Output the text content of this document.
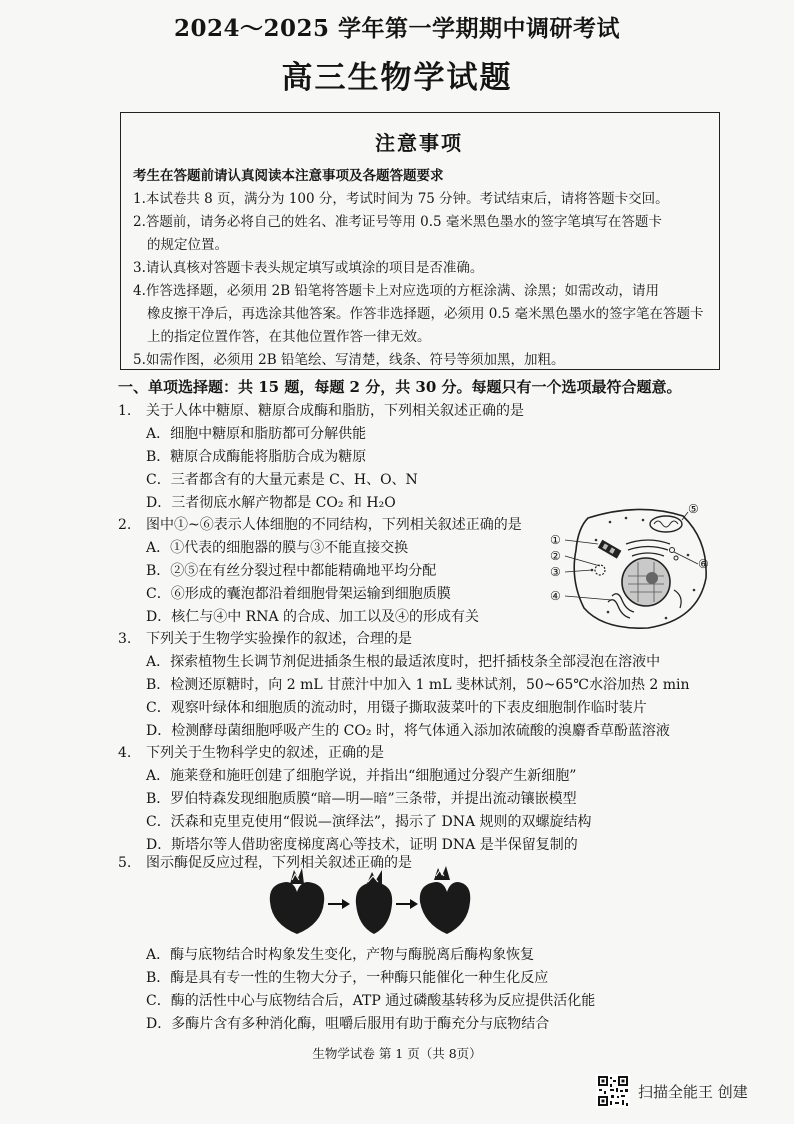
2024～2025 学年第一学期期中调研考试
高三生物学试题
注意事项
考生在答题前请认真阅读本注意事项及各题答题要求
1.本试卷共 8 页，满分为 100 分，考试时间为 75 分钟。考试结束后，请将答题卡交回。
2.答题前，请务必将自己的姓名、准考证号等用 0.5 毫米黑色墨水的签字笔填写在答题卡
的规定位置。
3.请认真核对答题卡表头规定填写或填涂的项目是否准确。
4.作答选择题，必须用 2B 铅笔将答题卡上对应选项的方框涂满、涂黑；如需改动，请用
橡皮擦干净后，再选涂其他答案。作答非选择题，必须用 0.5 毫米黑色墨水的签字笔在答题卡上的指定位置作答，在其他位置作答一律无效。
5.如需作图，必须用 2B 铅笔绘、写清楚，线条、符号等须加黑，加粗。
一、单项选择题：共 15 题，每题 2 分，共 30 分。每题只有一个选项最符合题意。
1. 关于人体中糖原、糖原合成酶和脂肪，下列相关叙述正确的是
A．细胞中糖原和脂肪都可分解供能
B．糖原合成酶能将脂肪合成为糖原
C．三者都含有的大量元素是 C、H、O、N
D．三者彻底水解产物都是 CO₂ 和 H₂O
2. 图中①~⑥表示人体细胞的不同结构，下列相关叙述正确的是
A．①代表的细胞器的膜与③不能直接交换
B．②⑤在有丝分裂过程中都能精确地平均分配
C．⑥形成的囊泡都沿着细胞骨架运输到细胞质膜
D．核仁与④中 RNA 的合成、加工以及④的形成有关
①
②
③
④
⑤
⑥
3. 下列关于生物学实验操作的叙述，合理的是
A．探索植物生长调节剂促进插条生根的最适浓度时，把扦插枝条全部浸泡在溶液中
B．检测还原糖时，向 2 mL 甘蔗汁中加入 1 mL 斐林试剂，50~65℃水浴加热 2 min
C．观察叶绿体和细胞质的流动时，用镊子撕取菠菜叶的下表皮细胞制作临时装片
D．检测酵母菌细胞呼吸产生的 CO₂ 时，将气体通入添加浓硫酸的溴麝香草酚蓝溶液
4. 下列关于生物科学史的叙述，正确的是
A．施莱登和施旺创建了细胞学说，并指出“细胞通过分裂产生新细胞”
B．罗伯特森发现细胞质膜“暗—明—暗”三条带，并提出流动镶嵌模型
C．沃森和克里克使用“假说—演绎法”，揭示了 DNA 规则的双螺旋结构
D．斯塔尔等人借助密度梯度离心等技术，证明 DNA 是半保留复制的
5. 图示酶促反应过程，下列相关叙述正确的是
A．酶与底物结合时构象发生变化，产物与酶脱离后酶构象恢复
B．酶是具有专一性的生物大分子，一种酶只能催化一种生化反应
C．酶的活性中心与底物结合后，ATP 通过磷酸基转移为反应提供活化能
D．多酶片含有多种消化酶，咀嚼后服用有助于酶充分与底物结合
生物学试卷 第 1 页（共 8页）
扫描全能王 创建
